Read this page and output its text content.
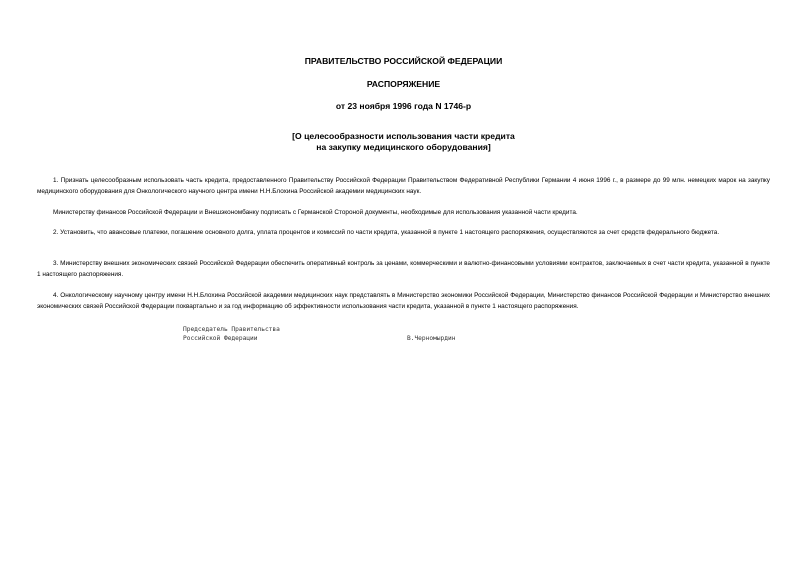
ПРАВИТЕЛЬСТВО РОССИЙСКОЙ ФЕДЕРАЦИИ
РАСПОРЯЖЕНИЕ
от 23 ноября 1996 года N 1746-р
[О целесообразности использования части кредита
на закупку медицинского оборудования]

1. Признать целесообразным использовать часть кредита, предоставленного Правительству Российской Федерации Правительством Федеративной Республики Германии 4 июня 1996 г., в размере до 99 млн. немецких марок на закупку медицинского оборудования для Онкологического научного центра имени Н.Н.Блохина Российской академии медицинских наук.

Министерству финансов Российской Федерации и Внешэкономбанку подписать с Германской Стороной документы, необходимые для использования указанной части кредита.

2. Установить, что авансовые платежи, погашение основного долга, уплата процентов и комиссий по части кредита, указанной в пункте 1 настоящего распоряжения, осуществляются за счет средств федерального бюджета.

3. Министерству внешних экономических связей Российской Федерации обеспечить оперативный контроль за ценами, коммерческими и валютно-финансовыми условиями контрактов, заключаемых в счет части кредита, указанной в пункте 1 настоящего распоряжения.

4. Онкологическому научному центру имени Н.Н.Блохина Российской академии медицинских наук представлять в Министерство экономики Российской Федерации, Министерство финансов Российской Федерации и Министерство внешних экономических связей Российской Федерации поквартально и за год информацию об эффективности использования части кредита, указанной в пункте 1 настоящего распоряжения.

Председатель Правительства

Российской Федерации

	В.Черномырдин
